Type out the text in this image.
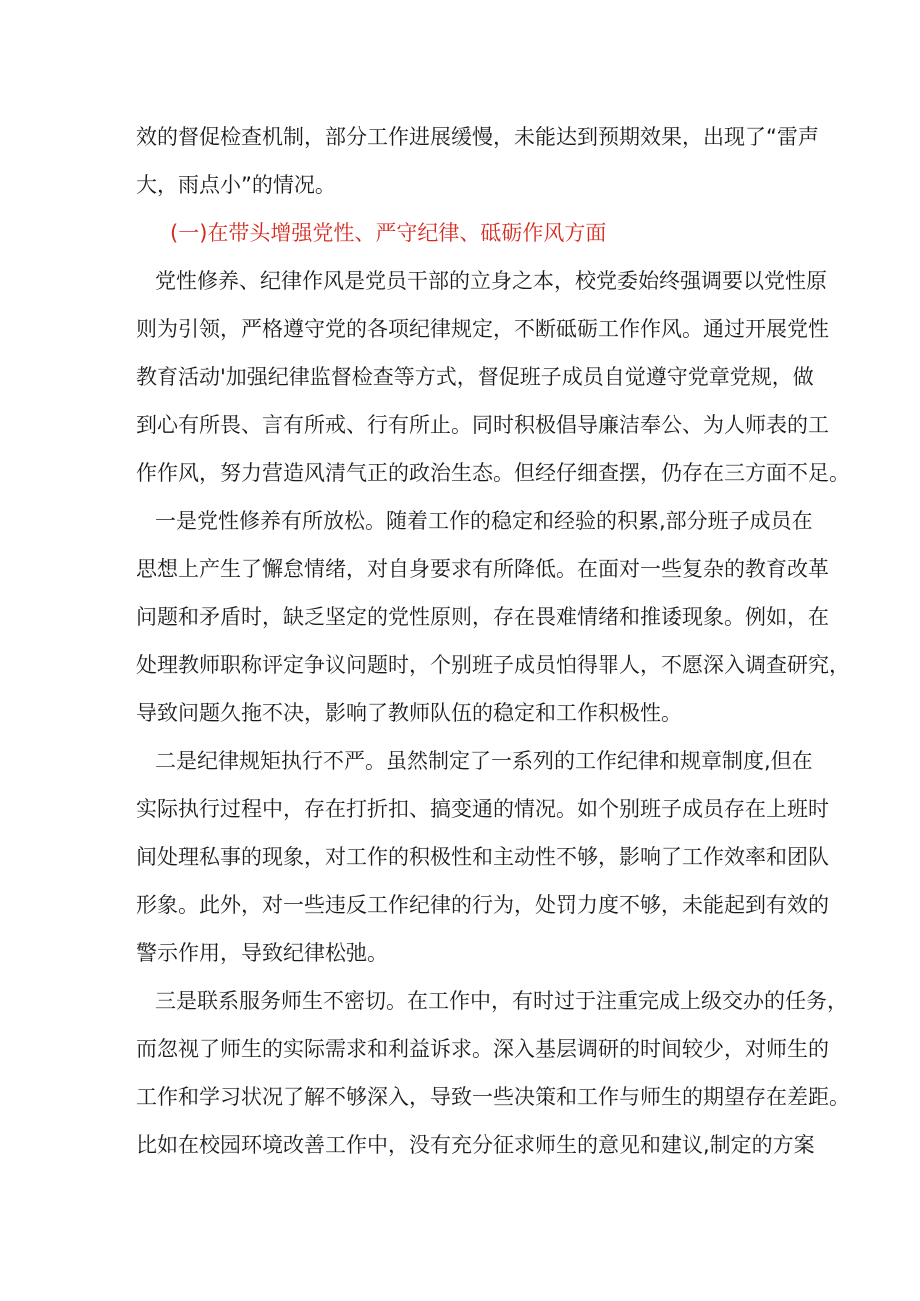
效的督促检查机制，部分工作进展缓慢，未能达到预期效果，出现了“雷声
大，雨点小”的情况。
(一)在带头增强党性、严守纪律、砥砺作风方面
党性修养、纪律作风是党员干部的立身之本，校党委始终强调要以党性原
则为引领，严格遵守党的各项纪律规定，不断砥砺工作作风。通过开展党性
教育活动'加强纪律监督检查等方式，督促班子成员自觉遵守党章党规，做
到心有所畏、言有所戒、行有所止。同时积极倡导廉洁奉公、为人师表的工
作作风，努力营造风清气正的政治生态。但经仔细查摆，仍存在三方面不足。
一是党性修养有所放松。随着工作的稳定和经验的积累,部分班子成员在
思想上产生了懈怠情绪，对自身要求有所降低。在面对一些复杂的教育改革
问题和矛盾时，缺乏坚定的党性原则，存在畏难情绪和推诿现象。例如，在
处理教师职称评定争议问题时，个别班子成员怕得罪人，不愿深入调查研究，
导致问题久拖不决，影响了教师队伍的稳定和工作积极性。
二是纪律规矩执行不严。虽然制定了一系列的工作纪律和规章制度,但在
实际执行过程中，存在打折扣、搞变通的情况。如个别班子成员存在上班时
间处理私事的现象，对工作的积极性和主动性不够，影响了工作效率和团队
形象。此外，对一些违反工作纪律的行为，处罚力度不够，未能起到有效的
警示作用，导致纪律松弛。
三是联系服务师生不密切。在工作中，有时过于注重完成上级交办的任务，
而忽视了师生的实际需求和利益诉求。深入基层调研的时间较少，对师生的
工作和学习状况了解不够深入，导致一些决策和工作与师生的期望存在差距。
比如在校园环境改善工作中，没有充分征求师生的意见和建议,制定的方案
